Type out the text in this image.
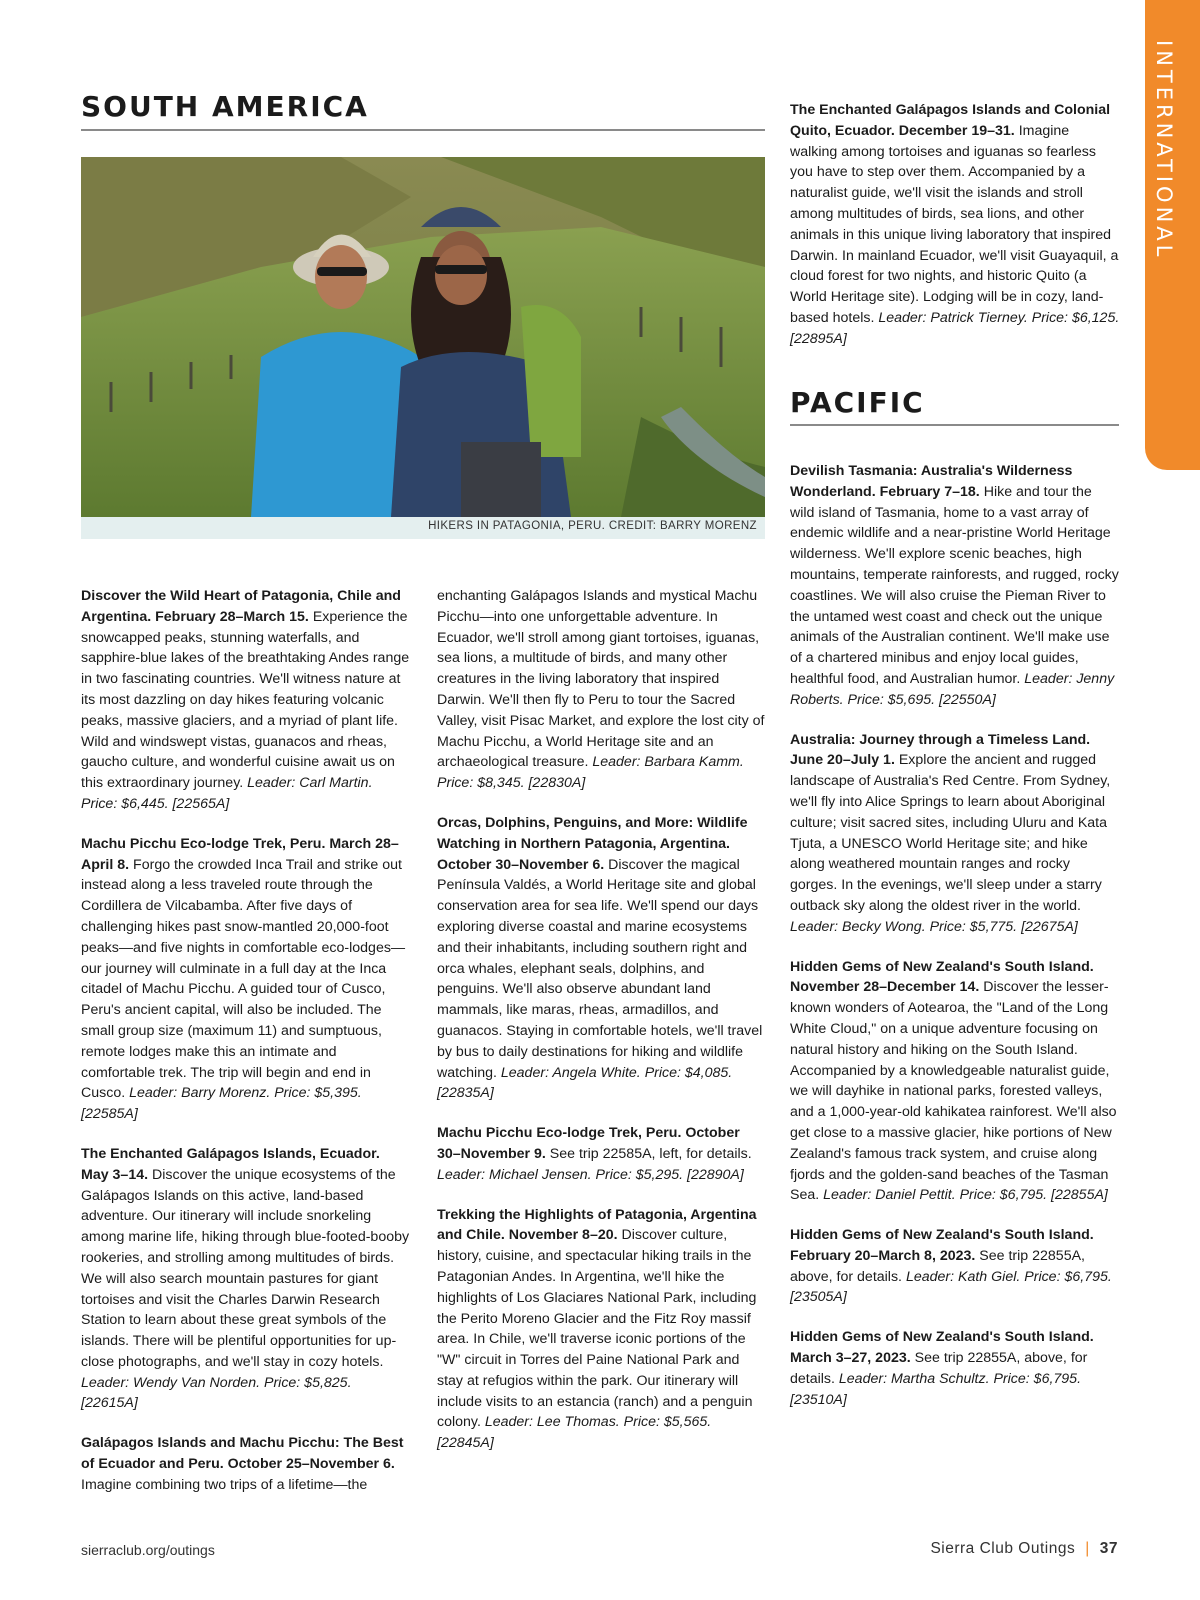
INTERNATIONAL
SOUTH AMERICA
HIKERS IN PATAGONIA, PERU. CREDIT: BARRY MORENZ

Discover the Wild Heart of Patagonia, Chile and Argentina. February 28–March 15. Experience the snowcapped peaks, stunning waterfalls, and sapphire-blue lakes of the breathtaking Andes range in two fascinating countries. We'll witness nature at its most dazzling on day hikes featuring volcanic peaks, massive glaciers, and a myriad of plant life. Wild and windswept vistas, guanacos and rheas, gaucho culture, and wonderful cuisine await us on this extraordinary journey. Leader: Carl Martin. Price: $6,445. [22565A]

Machu Picchu Eco-lodge Trek, Peru. March 28–April 8. Forgo the crowded Inca Trail and strike out instead along a less traveled route through the Cordillera de Vilcabamba. After five days of challenging hikes past snow-mantled 20,000-foot peaks—and five nights in comfortable eco-lodges—our journey will culminate in a full day at the Inca citadel of Machu Picchu. A guided tour of Cusco, Peru's ancient capital, will also be included. The small group size (maximum 11) and sumptuous, remote lodges make this an intimate and comfortable trek. The trip will begin and end in Cusco. Leader: Barry Morenz. Price: $5,395. [22585A]

The Enchanted Galápagos Islands, Ecuador. May 3–14. Discover the unique ecosystems of the Galápagos Islands on this active, land-based adventure. Our itinerary will include snorkeling among marine life, hiking through blue-footed-booby rookeries, and strolling among multitudes of birds. We will also search mountain pastures for giant tortoises and visit the Charles Darwin Research Station to learn about these great symbols of the islands. There will be plentiful opportunities for up-close photographs, and we'll stay in cozy hotels. Leader: Wendy Van Norden. Price: $5,825. [22615A]

Galápagos Islands and Machu Picchu: The Best of Ecuador and Peru. October 25–November 6. Imagine combining two trips of a lifetime—the

enchanting Galápagos Islands and mystical Machu Picchu—into one unforgettable adventure. In Ecuador, we'll stroll among giant tortoises, iguanas, sea lions, a multitude of birds, and many other creatures in the living laboratory that inspired Darwin. We'll then fly to Peru to tour the Sacred Valley, visit Pisac Market, and explore the lost city of Machu Picchu, a World Heritage site and an archaeological treasure. Leader: Barbara Kamm. Price: $8,345. [22830A]

Orcas, Dolphins, Penguins, and More: Wildlife Watching in Northern Patagonia, Argentina. October 30–November 6. Discover the magical Península Valdés, a World Heritage site and global conservation area for sea life. We'll spend our days exploring diverse coastal and marine ecosystems and their inhabitants, including southern right and orca whales, elephant seals, dolphins, and penguins. We'll also observe abundant land mammals, like maras, rheas, armadillos, and guanacos. Staying in comfortable hotels, we'll travel by bus to daily destinations for hiking and wildlife watching. Leader: Angela White. Price: $4,085. [22835A]

Machu Picchu Eco-lodge Trek, Peru. October 30–November 9. See trip 22585A, left, for details. Leader: Michael Jensen. Price: $5,295. [22890A]

Trekking the Highlights of Patagonia, Argentina and Chile. November 8–20. Discover culture, history, cuisine, and spectacular hiking trails in the Patagonian Andes. In Argentina, we'll hike the highlights of Los Glaciares National Park, including the Perito Moreno Glacier and the Fitz Roy massif area. In Chile, we'll traverse iconic portions of the "W" circuit in Torres del Paine National Park and stay at refugios within the park. Our itinerary will include visits to an estancia (ranch) and a penguin colony. Leader: Lee Thomas. Price: $5,565. [22845A]

The Enchanted Galápagos Islands and Colonial Quito, Ecuador. December 19–31. Imagine walking among tortoises and iguanas so fearless you have to step over them. Accompanied by a naturalist guide, we'll visit the islands and stroll among multitudes of birds, sea lions, and other animals in this unique living laboratory that inspired Darwin. In mainland Ecuador, we'll visit Guayaquil, a cloud forest for two nights, and historic Quito (a World Heritage site). Lodging will be in cozy, land-based hotels. Leader: Patrick Tierney. Price: $6,125. [22895A]

PACIFIC

Devilish Tasmania: Australia's Wilderness Wonderland. February 7–18. Hike and tour the wild island of Tasmania, home to a vast array of endemic wildlife and a near-pristine World Heritage wilderness. We'll explore scenic beaches, high mountains, temperate rainforests, and rugged, rocky coastlines. We will also cruise the Pieman River to the untamed west coast and check out the unique animals of the Australian continent. We'll make use of a chartered minibus and enjoy local guides, healthful food, and Australian humor. Leader: Jenny Roberts. Price: $5,695. [22550A]

Australia: Journey through a Timeless Land. June 20–July 1. Explore the ancient and rugged landscape of Australia's Red Centre. From Sydney, we'll fly into Alice Springs to learn about Aboriginal culture; visit sacred sites, including Uluru and Kata Tjuta, a UNESCO World Heritage site; and hike along weathered mountain ranges and rocky gorges. In the evenings, we'll sleep under a starry outback sky along the oldest river in the world. Leader: Becky Wong. Price: $5,775. [22675A]

Hidden Gems of New Zealand's South Island. November 28–December 14. Discover the lesser-known wonders of Aotearoa, the "Land of the Long White Cloud," on a unique adventure focusing on natural history and hiking on the South Island. Accompanied by a knowledgeable naturalist guide, we will dayhike in national parks, forested valleys, and a 1,000-year-old kahikatea rainforest. We'll also get close to a massive glacier, hike portions of New Zealand's famous track system, and cruise along fjords and the golden-sand beaches of the Tasman Sea. Leader: Daniel Pettit. Price: $6,795. [22855A]

Hidden Gems of New Zealand's South Island. February 20–March 8, 2023. See trip 22855A, above, for details. Leader: Kath Giel. Price: $6,795. [23505A]

Hidden Gems of New Zealand's South Island. March 3–27, 2023. See trip 22855A, above, for details. Leader: Martha Schultz. Price: $6,795. [23510A]

sierraclub.org/outings	Sierra Club Outings | 37
